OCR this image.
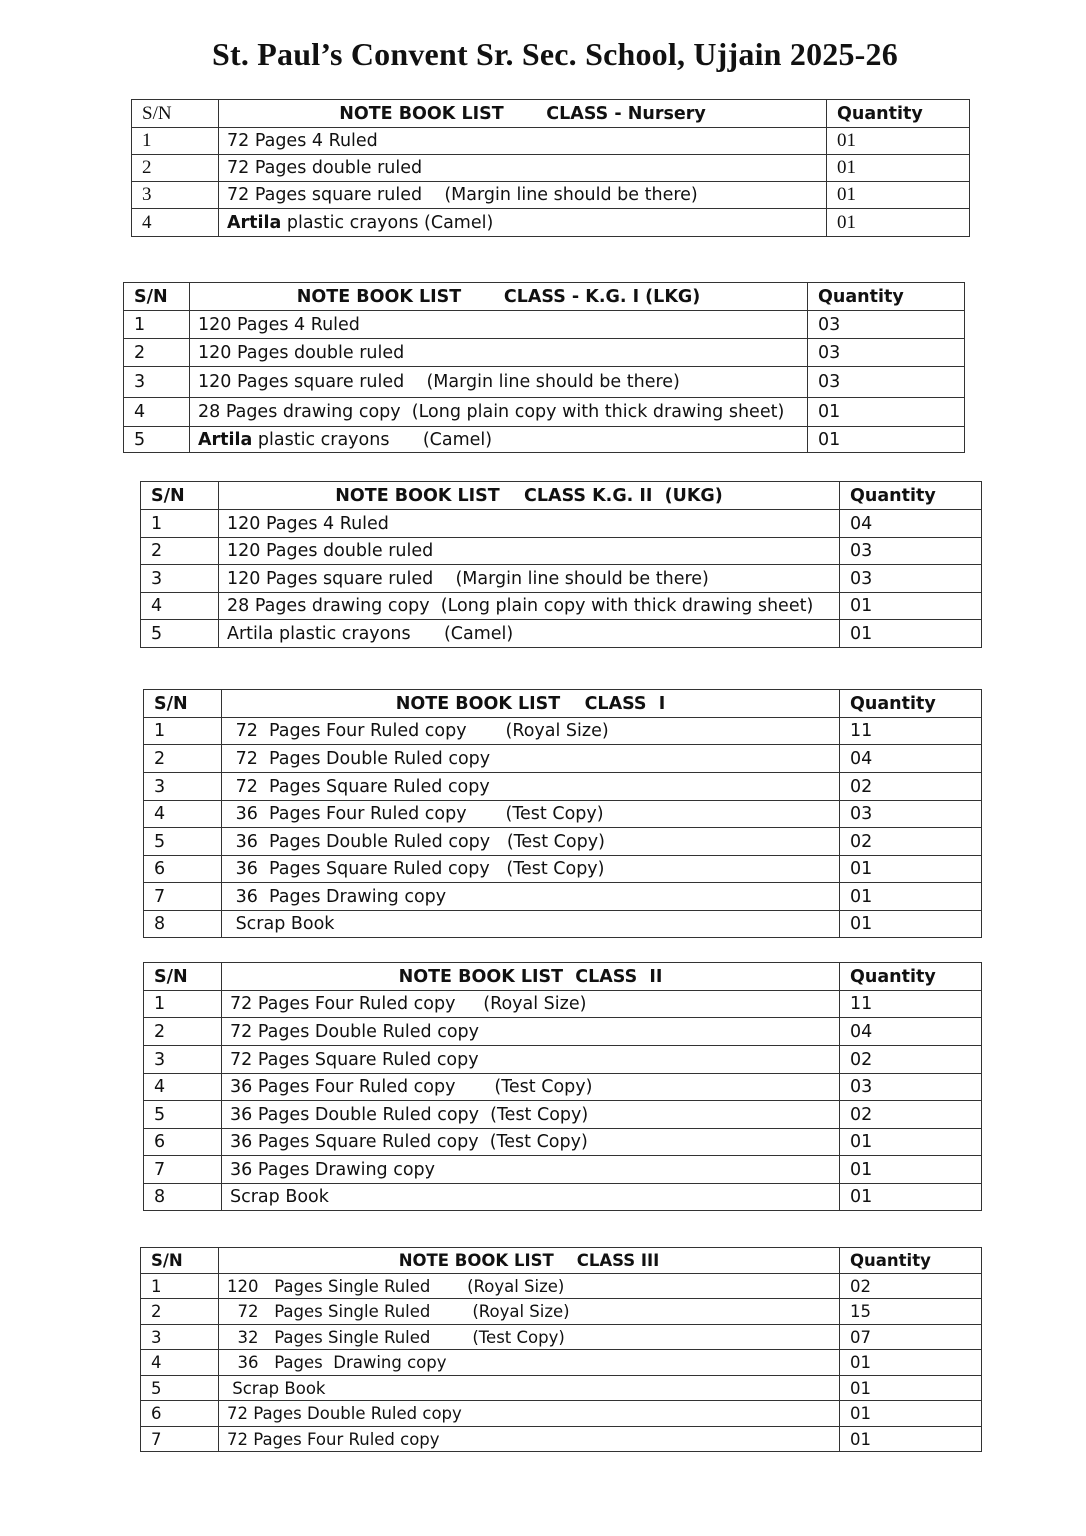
St. Paul’s Convent Sr. Sec. School, Ujjain 2025-26
S/N	NOTE BOOK LIST       CLASS - Nursery	Quantity
1	72 Pages 4 Ruled	01
2	72 Pages double ruled	01
3	72 Pages square ruled    (Margin line should be there)	01
4	Artila plastic crayons (Camel)	01
S/N	NOTE BOOK LIST       CLASS - K.G. I (LKG)	Quantity
1	120 Pages 4 Ruled	03
2	120 Pages double ruled	03
3	120 Pages square ruled    (Margin line should be there)	03
4	28 Pages drawing copy  (Long plain copy with thick drawing sheet)	01
5	Artila plastic crayons      (Camel)	01
S/N	NOTE BOOK LIST    CLASS K.G. II  (UKG)	Quantity
1	120 Pages 4 Ruled	04
2	120 Pages double ruled	03
3	120 Pages square ruled    (Margin line should be there)	03
4	28 Pages drawing copy  (Long plain copy with thick drawing sheet)	01
5	Artila plastic crayons      (Camel)	01
S/N	NOTE BOOK LIST    CLASS  I	Quantity
1	72  Pages Four Ruled copy       (Royal Size)	11
2	72  Pages Double Ruled copy	04
3	72  Pages Square Ruled copy	02
4	36  Pages Four Ruled copy       (Test Copy)	03
5	36  Pages Double Ruled copy   (Test Copy)	02
6	36  Pages Square Ruled copy   (Test Copy)	01
7	36  Pages Drawing copy	01
8	Scrap Book	01
S/N	NOTE BOOK LIST  CLASS  II	Quantity
1	72 Pages Four Ruled copy     (Royal Size)	11
2	72 Pages Double Ruled copy	04
3	72 Pages Square Ruled copy	02
4	36 Pages Four Ruled copy       (Test Copy)	03
5	36 Pages Double Ruled copy  (Test Copy)	02
6	36 Pages Square Ruled copy  (Test Copy)	01
7	36 Pages Drawing copy	01
8	Scrap Book	01
S/N	NOTE BOOK LIST    CLASS III	Quantity
1	120   Pages Single Ruled       (Royal Size)	02
2	72   Pages Single Ruled        (Royal Size)	15
3	32   Pages Single Ruled        (Test Copy)	07
4	36   Pages  Drawing copy	01
5	Scrap Book	01
6	72 Pages Double Ruled copy	01
7	72 Pages Four Ruled copy	01
